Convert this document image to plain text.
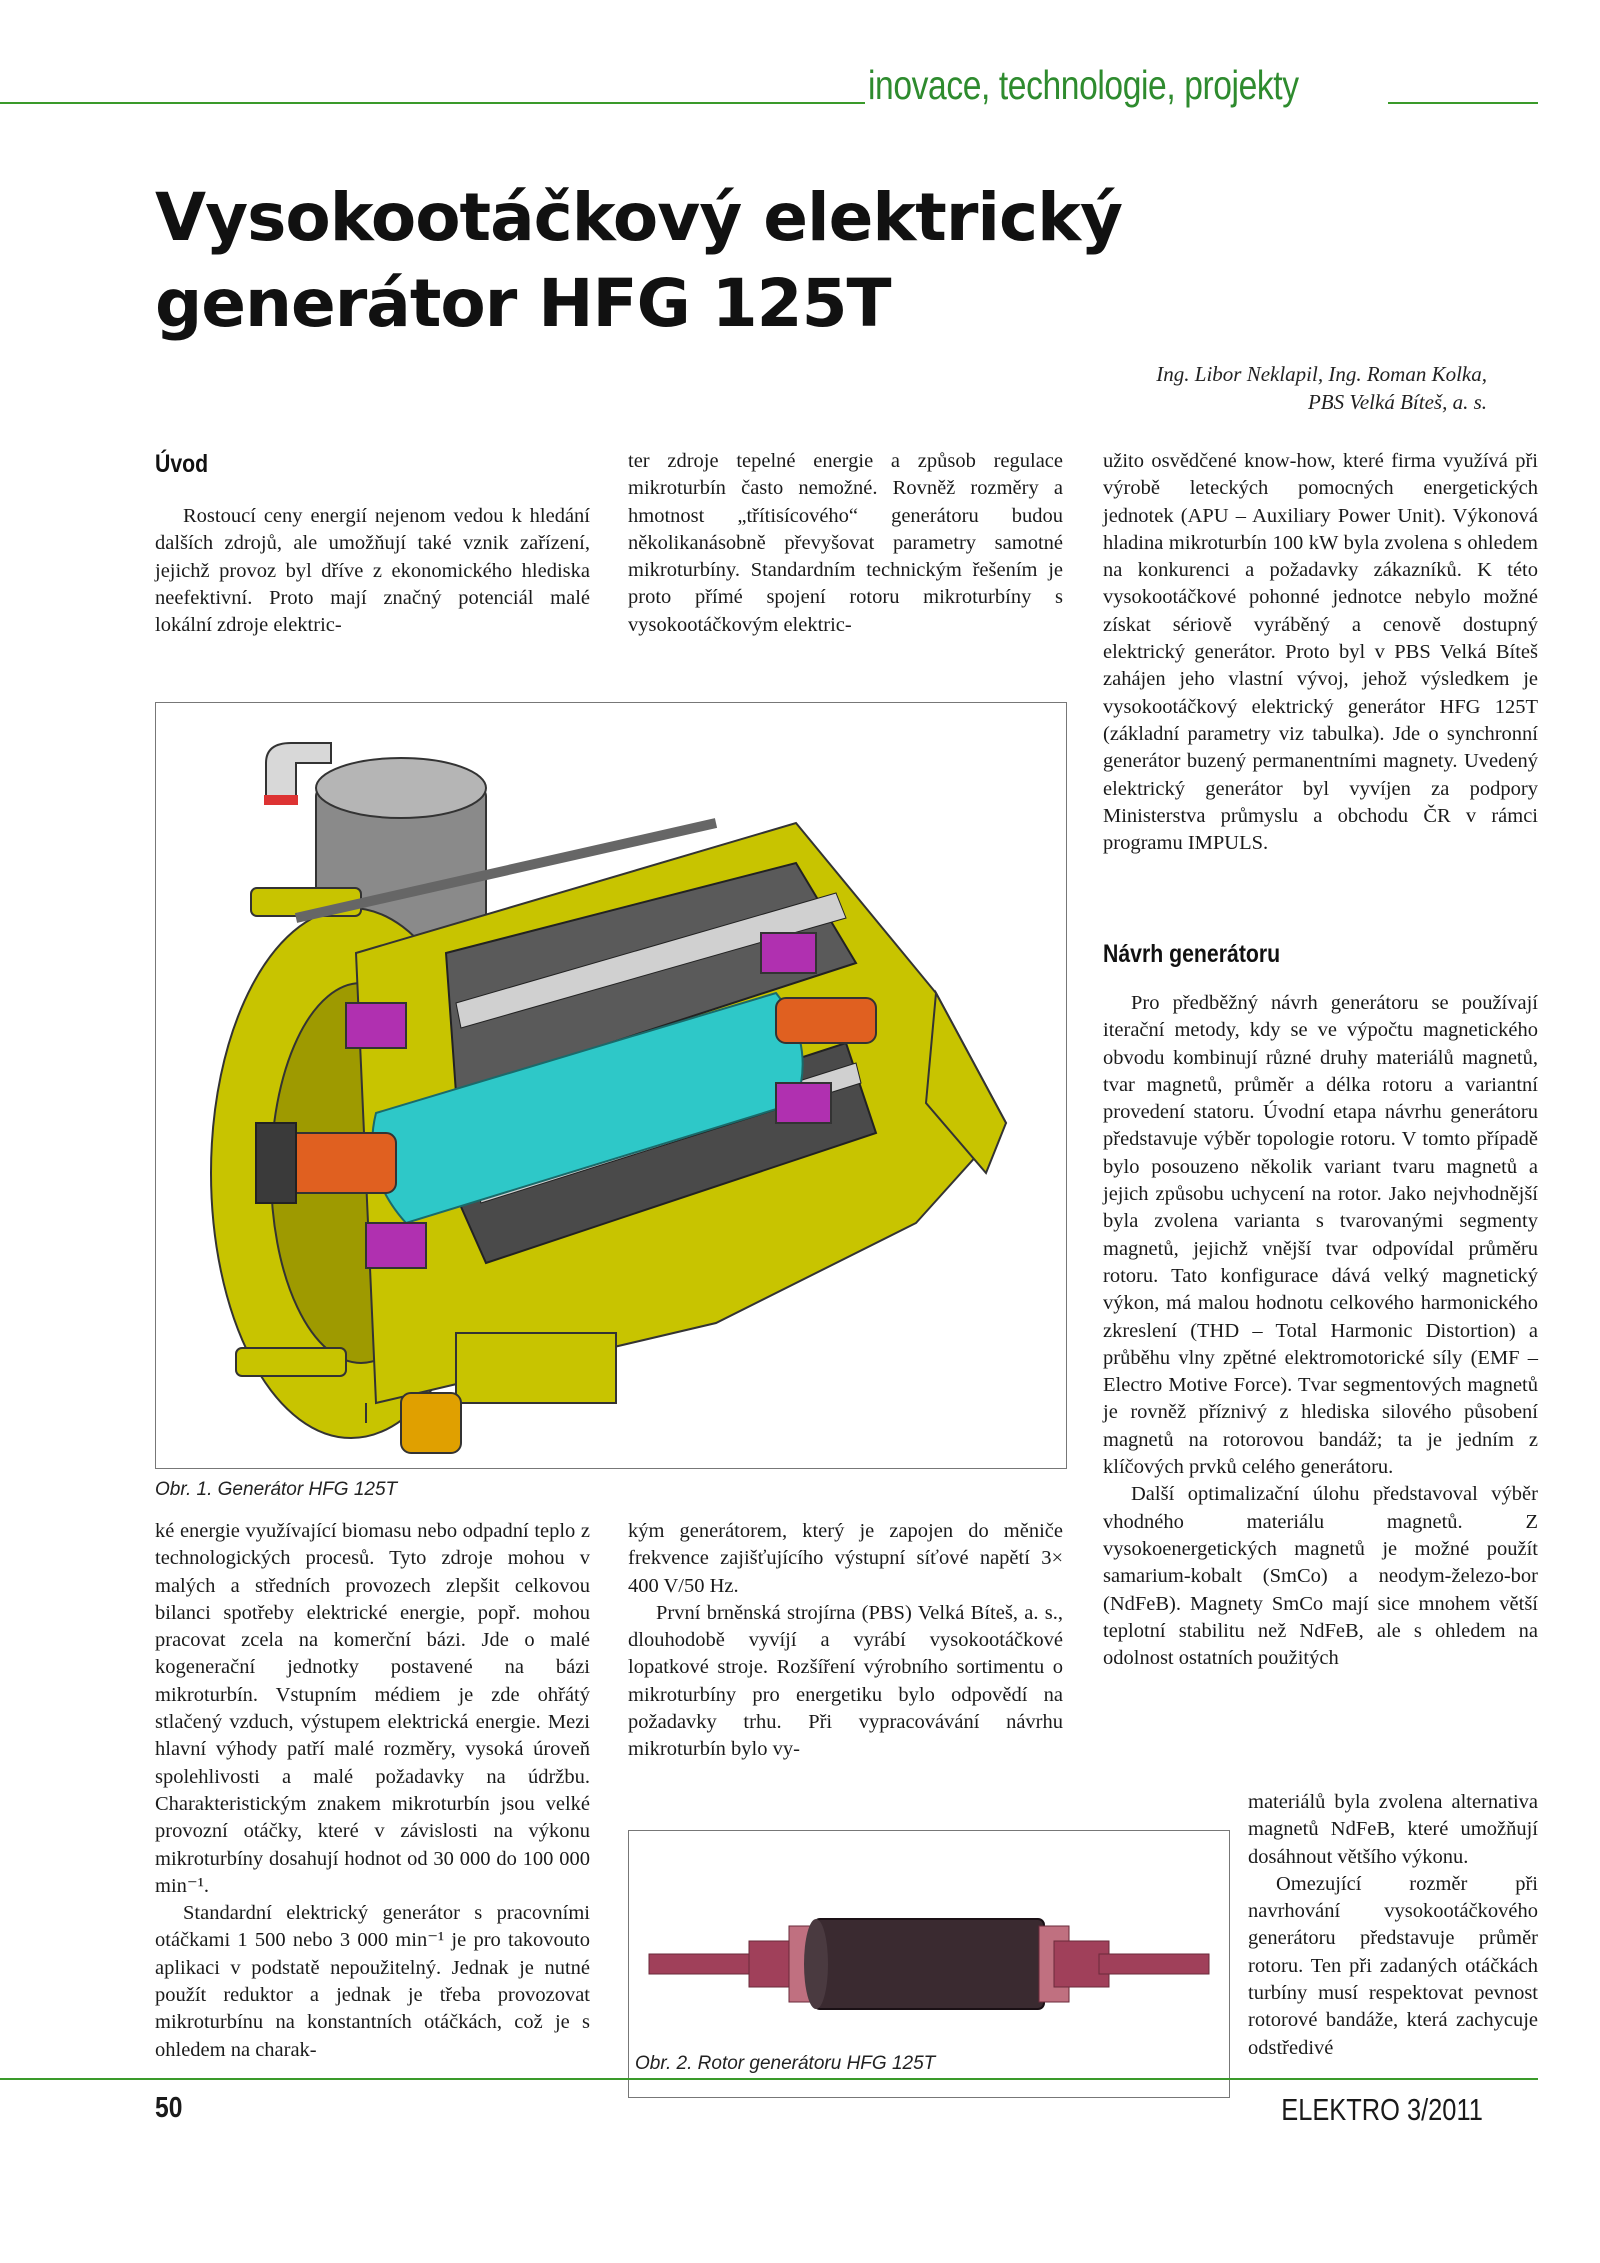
inovace, technologie, projekty
Vysokootáčkový elektrický generátor HFG 125T
Ing. Libor Neklapil, Ing. Roman Kolka,
PBS Velká Bíteš, a. s.
Úvod

Rostoucí ceny energií nejenom vedou k hledání dalších zdrojů, ale umožňují také vznik zařízení, jejichž provoz byl dříve z ekonomického hlediska neefektivní. Proto mají značný potenciál malé lokální zdroje elektric-

ter zdroje tepelné energie a způsob regulace mikroturbín často nemožné. Rovněž rozměry a hmotnost „třítisícového“ generátoru budou několikanásobně převyšovat parametry samotné mikroturbíny. Standardním technickým řešením je proto přímé spojení rotoru mikroturbíny s vysokootáčkovým elektric-

užito osvědčené know-how, které firma využívá při výrobě leteckých pomocných energetických jednotek (APU – Auxiliary Power Unit). Výkonová hladina mikroturbín 100 kW byla zvolena s ohledem na konkurenci a požadavky zákazníků. K této vysokootáčkové pohonné jednotce nebylo možné získat sériově vyráběný a cenově dostupný elektrický generátor. Proto byl v PBS Velká Bíteš zahájen jeho vlastní vývoj, jehož výsledkem je vysokootáčkový elektrický generátor HFG 125T (základní parametry viz tabulka). Jde o synchronní generátor buzený permanentními magnety. Uvedený elektrický generátor byl vyvíjen za podpory Ministerstva průmyslu a obchodu ČR v rámci programu IMPULS.

Návrh generátoru

Pro předběžný návrh generátoru se používají iterační metody, kdy se ve výpočtu magnetického obvodu kombinují různé druhy materiálů magnetů, tvar magnetů, průměr a délka rotoru a variantní provedení statoru. Úvodní etapa návrhu generátoru představuje výběr topologie rotoru. V tomto případě bylo posouzeno několik variant tvaru magnetů a jejich způsobu uchycení na rotor. Jako nejvhodnější byla zvolena varianta s tvarovanými segmenty magnetů, jejichž vnější tvar odpovídal průměru rotoru. Tato konfigurace dává velký magnetický výkon, má malou hodnotu celkového harmonického zkreslení (THD – Total Harmonic Distortion) a průběhu vlny zpětné elektromotorické síly (EMF – Electro Motive Force). Tvar segmentových magnetů je rovněž příznivý z hlediska silového působení magnetů na rotorovou bandáž; ta je jedním z klíčových prvků celého generátoru.

Další optimalizační úlohu představoval výběr vhodného materiálu magnetů. Z vysokoenergetických magnetů je možné použít samarium-kobalt (SmCo) a neodym-železo-bor (NdFeB). Magnety SmCo mají sice mnohem větší teplotní stabilitu než NdFeB, ale s ohledem na odolnost ostatních použitých

materiálů byla zvolena alternativa magnetů NdFeB, které umožňují dosáhnout většího výkonu.

Omezující rozměr při navrhování vysokootáčkového generátoru představuje průměr rotoru. Ten při zadaných otáčkách turbíny musí respektovat pevnost rotorové bandáže, která zachycuje odstředivé

Obr. 1. Generátor HFG 125T

ké energie využívající biomasu nebo odpadní teplo z technologických procesů. Tyto zdroje mohou v malých a středních provozech zlepšit celkovou bilanci spotřeby elektrické energie, popř. mohou pracovat zcela na komerční bázi. Jde o malé kogenerační jednotky postavené na bázi mikroturbín. Vstupním médiem je zde ohřátý stlačený vzduch, výstupem elektrická energie. Mezi hlavní výhody patří malé rozměry, vysoká úroveň spolehlivosti a malé požadavky na údržbu. Charakteristickým znakem mikroturbín jsou velké provozní otáčky, které v závislosti na výkonu mikroturbíny dosahují hodnot od 30 000 do 100 000 min⁻¹.

Standardní elektrický generátor s pracovními otáčkami 1 500 nebo 3 000 min⁻¹ je pro takovouto aplikaci v podstatě nepoužitelný. Jednak je nutné použít reduktor a jednak je třeba provozovat mikroturbínu na konstantních otáčkách, což je s ohledem na charak-

kým generátorem, který je zapojen do měniče frekvence zajišťujícího výstupní síťové napětí 3× 400 V/50 Hz.

První brněnská strojírna (PBS) Velká Bíteš, a. s., dlouhodobě vyvíjí a vyrábí vysokootáčkové lopatkové stroje. Rozšíření výrobního sortimentu o mikroturbíny pro energetiku bylo odpovědí na požadavky trhu. Při vypracovávání návrhu mikroturbín bylo vy-

Obr. 2. Rotor generátoru HFG 125T
50	ELEKTRO 3/2011
